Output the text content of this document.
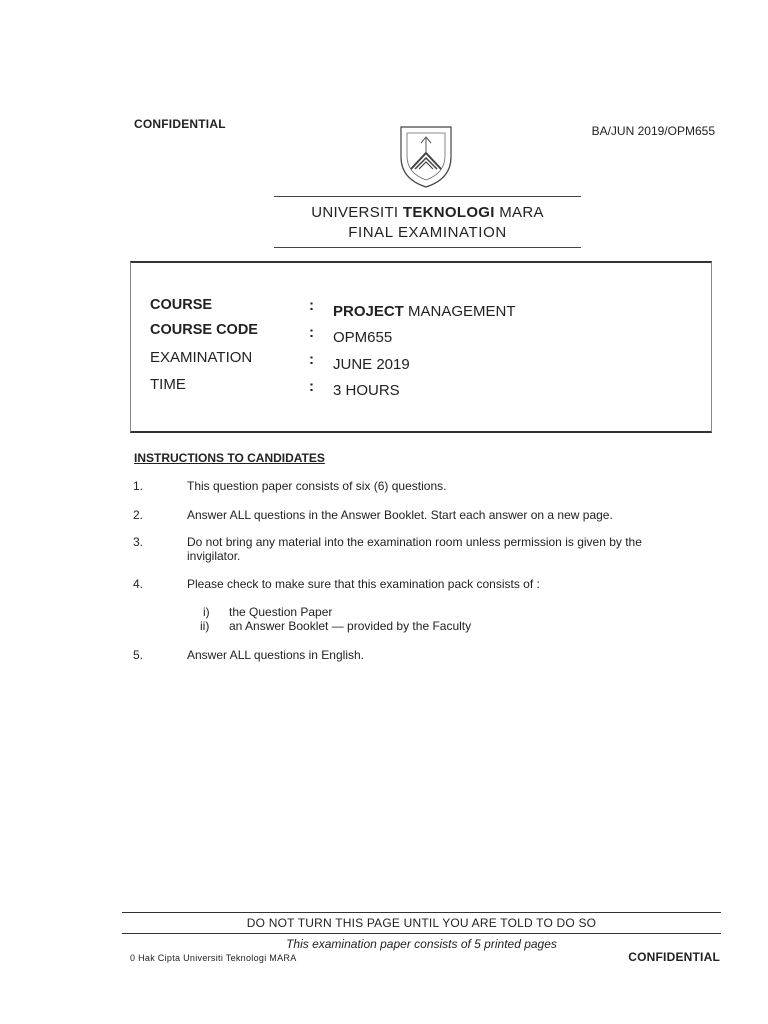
CONFIDENTIAL	BA/JUN 2019/OPM655
UNIVERSITI TEKNOLOGI MARA
FINAL EXAMINATION
COURSE	: PROJECT MANAGEMENT
COURSE CODE	: OPM655
EXAMINATION	: JUNE 2019
TIME	: 3 HOURS
INSTRUCTIONS TO CANDIDATES
1.	This question paper consists of six (6) questions.
2.	Answer ALL questions in the Answer Booklet. Start each answer on a new page.
3.	Do not bring any material into the examination room unless permission is given by the invigilator.
4.	Please check to make sure that this examination pack consists of :
i) the Question Paper
ii) an Answer Booklet — provided by the Faculty
5.	Answer ALL questions in English.
DO NOT TURN THIS PAGE UNTIL YOU ARE TOLD TO DO SO
This examination paper consists of 5 printed pages
0 Hak Cipta Universiti Teknologi MARA	CONFIDENTIAL
